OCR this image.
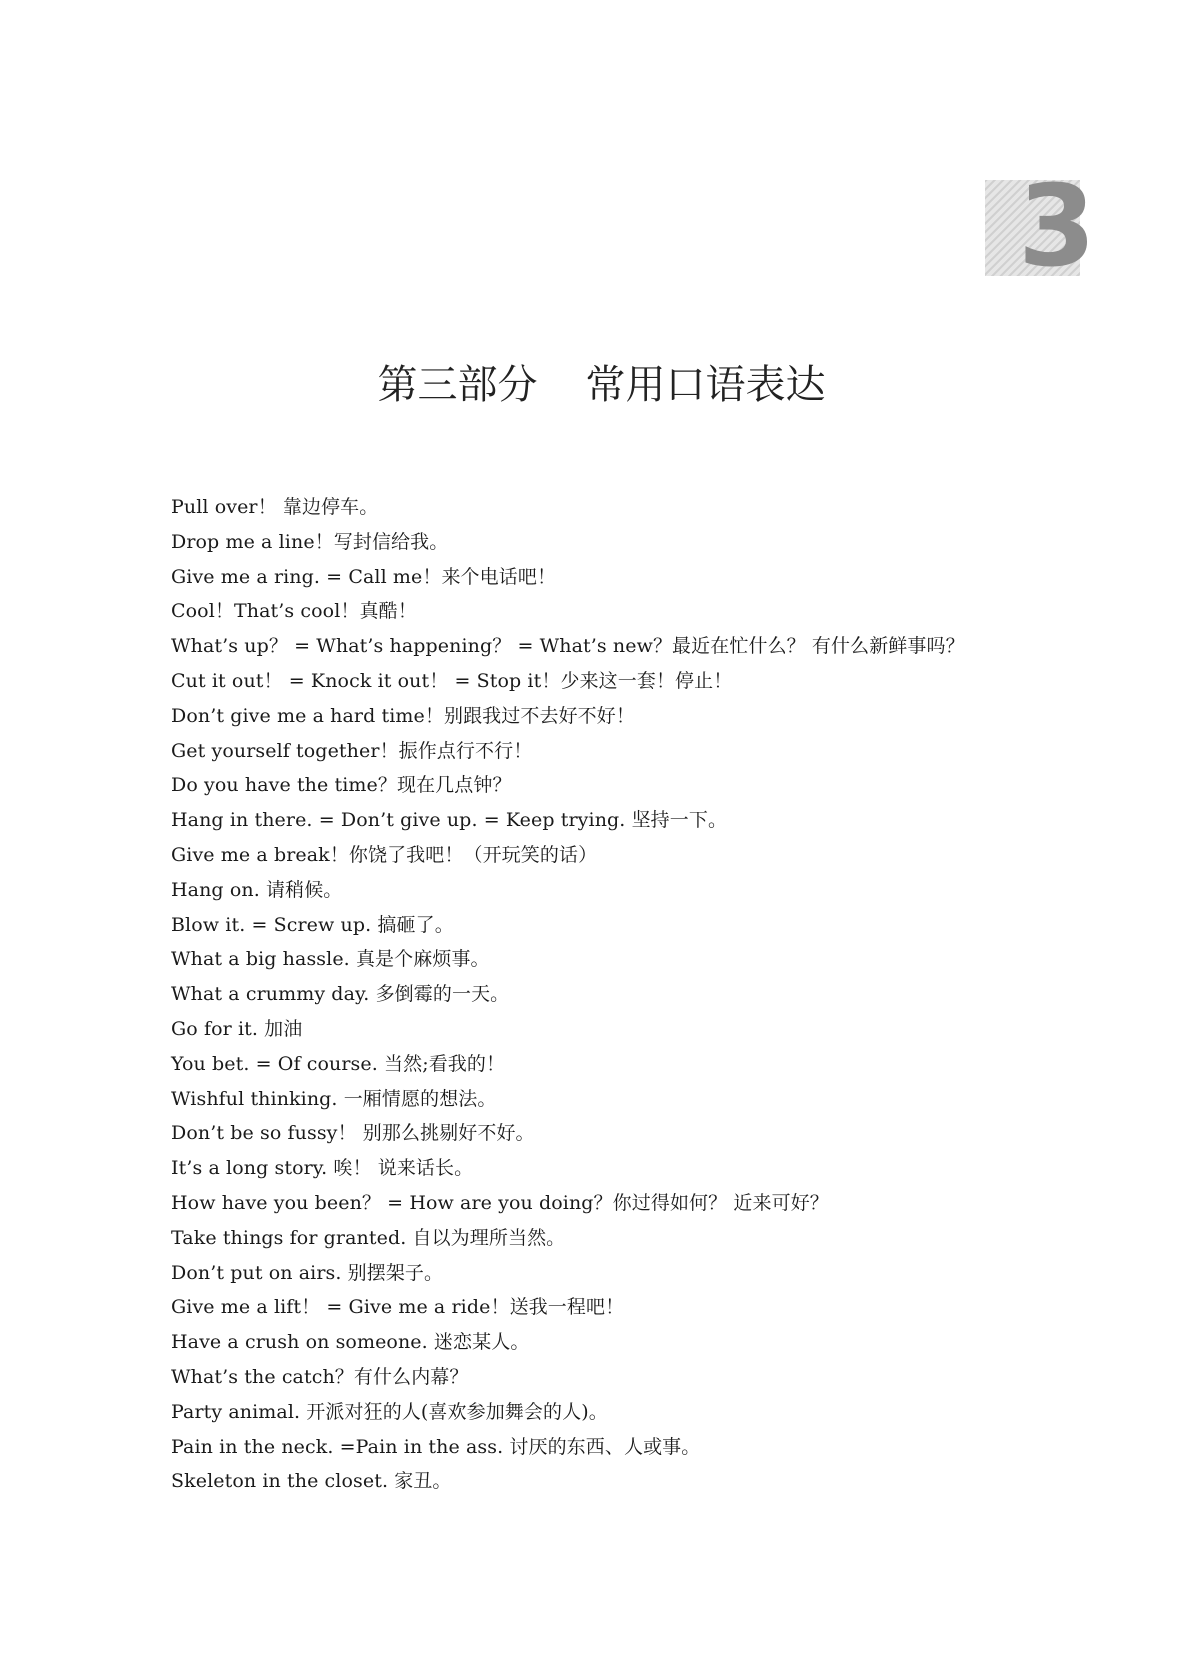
3
第三部分 常用口语表达
Pull over！ 靠边停车。
Drop me a line！写封信给我。
Give me a ring. = Call me！来个电话吧！
Cool！That’s cool！真酷！
What’s up？ = What’s happening？ = What’s new？最近在忙什么？ 有什么新鲜事吗？
Cut it out！ = Knock it out！ = Stop it！少来这一套！停止！
Don’t give me a hard time！别跟我过不去好不好！
Get yourself together！振作点行不行！
Do you have the time？现在几点钟？
Hang in there. = Don’t give up. = Keep trying. 坚持一下。
Give me a break！你饶了我吧！（开玩笑的话）
Hang on. 请稍候。
Blow it. = Screw up. 搞砸了。
What a big hassle. 真是个麻烦事。
What a crummy day. 多倒霉的一天。
Go for it. 加油
You bet. = Of course. 当然;看我的！
Wishful thinking. 一厢情愿的想法。
Don’t be so fussy！ 别那么挑剔好不好。
It’s a long story. 唉！ 说来话长。
How have you been？ = How are you doing？你过得如何？ 近来可好？
Take things for granted. 自以为理所当然。
Don’t put on airs. 别摆架子。
Give me a lift！ = Give me a ride！送我一程吧！
Have a crush on someone. 迷恋某人。
What’s the catch？有什么内幕？
Party animal. 开派对狂的人(喜欢参加舞会的人)。
Pain in the neck. =Pain in the ass. 讨厌的东西、人或事。
Skeleton in the closet. 家丑。
